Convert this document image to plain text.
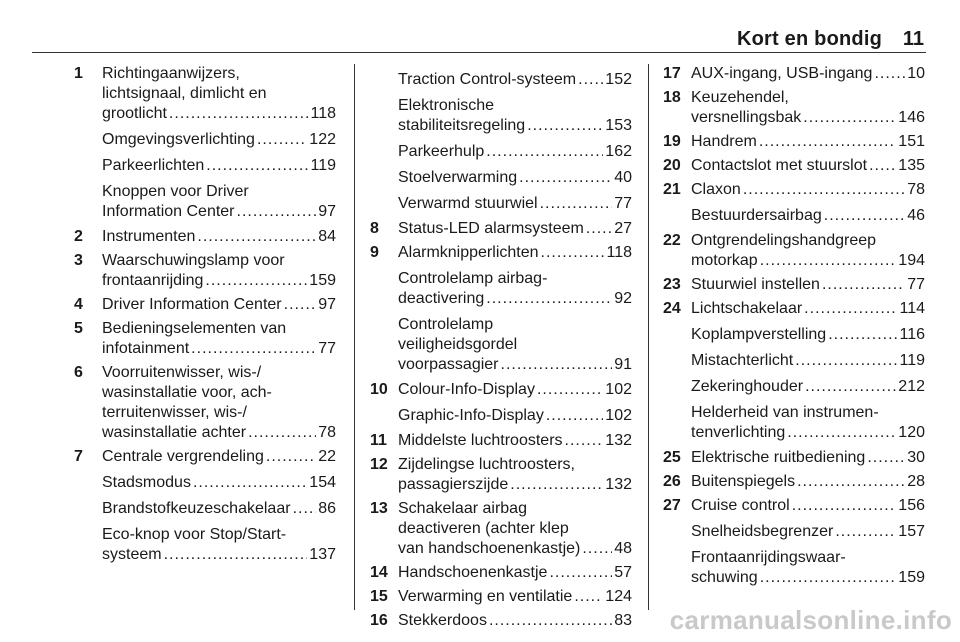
Kort en bondig 11
1 Richtingaanwijzers,
lichtsignaal, dimlicht en
grootlicht .....	118
Omgevingsverlichting .....	122
Parkeerlichten .....	119
Knoppen voor Driver
Information Center .....	97
2 Instrumenten .....	84
3 Waarschuwingslamp voor
frontaanrijding .....	159
4 Driver Information Center ..... 97
5 Bedieningselementen van
infotainment .....	77
6 Voorruitenwisser, wis-/
wasinstallatie voor, ach-
terruitenwisser, wis-/
wasinstallatie achter .....	78
7 Centrale vergrendeling .....	22
Stadsmodus .....	154
Brandstofkeuzeschakelaar ..... 86
Eco-knop voor Stop/Start-
systeem .....	137
Traction Control-systeem ..... 152
Elektronische
stabiliteitsregeling .....	153
Parkeerhulp .....	162
Stoelverwarming .....	40
Verwarmd stuurwiel .....	77
8 Status-LED alarmsysteem ..... 27
9 Alarmknipperlichten .....	118
Controlelamp airbag-
deactivering .....	92
Controlelamp
veiligheidsgordel
voorpassagier .....	91
10 Colour-Info-Display .....	102
Graphic-Info-Display .....	102
11 Middelste luchtroosters .....	132
12 Zijdelingse luchtroosters,
passagierszijde .....	132
13 Schakelaar airbag
deactiveren (achter klep
van handschoenenkastje) ..... 48
14 Handschoenenkastje .....	57
15 Verwarming en ventilatie ..... 124
16 Stekkerdoos .....	83
17 AUX-ingang, USB-ingang ..... 10
18 Keuzehendel,
versnellingsbak .....	146
19 Handrem .....	151
20 Contactslot met stuurslot ..... 135
21 Claxon .....	78
Bestuurdersairbag .....	46
22 Ontgrendelingshandgreep
motorkap .....	194
23 Stuurwiel instellen .....	77
24 Lichtschakelaar .....	114
Koplampverstelling .....	116
Mistachterlicht .....	119
Zekeringhouder .....	212
Helderheid van instrumen-
tenverlichting .....	120
25 Elektrische ruitbediening .....	30
26 Buitenspiegels .....	28
27 Cruise control .....	156
Snelheidsbegrenzer .....	157
Frontaanrijdingswaar-
schuwing .....	159
carmanualsonline.info
